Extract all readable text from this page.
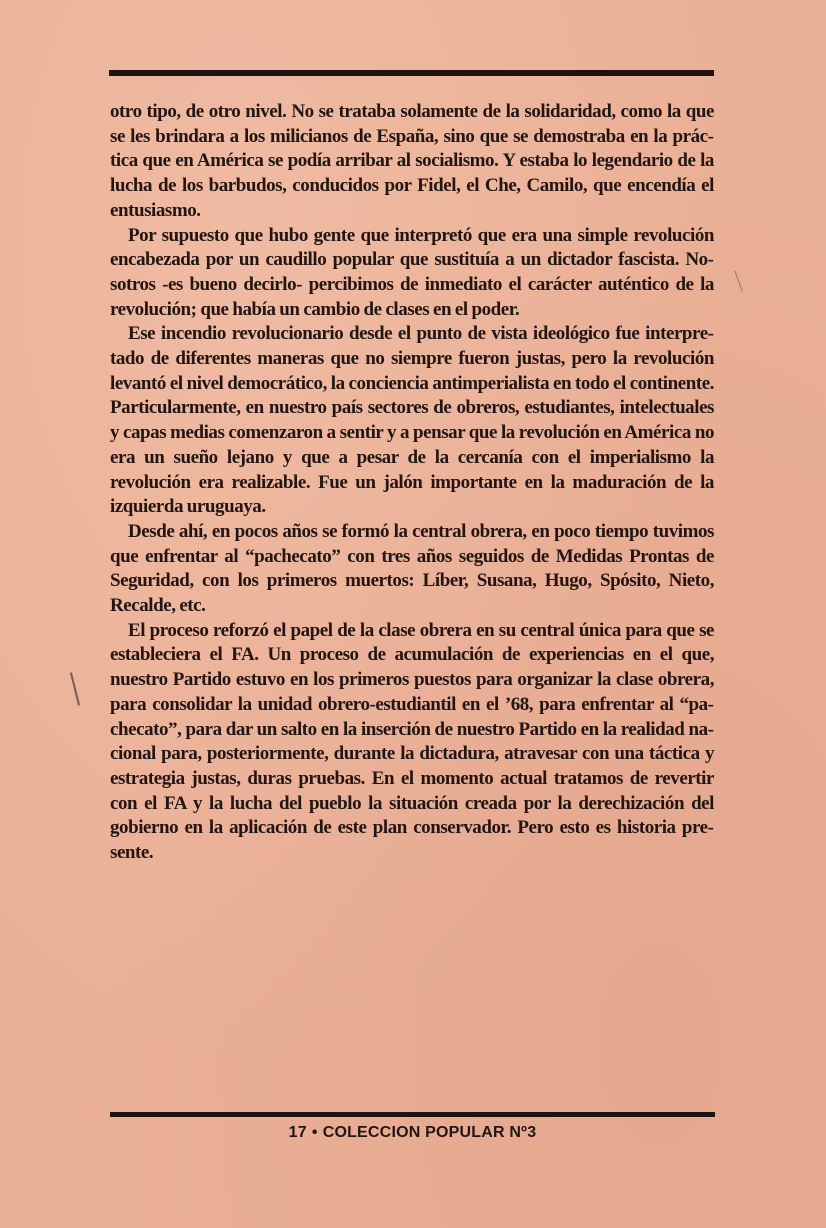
otro tipo, de otro nivel. No se trataba solamente de la solidaridad, como la que se les brindara a los milicianos de España, sino que se demostraba en la práctica que en América se podía arribar al socialismo. Y estaba lo legendario de la lucha de los barbudos, conducidos por Fidel, el Che, Camilo, que encendía el entusiasmo.

Por supuesto que hubo gente que interpretó que era una simple revolución encabezada por un caudillo popular que sustituía a un dictador fascista. Nosotros -es bueno decirlo- percibimos de inmediato el carácter auténtico de la revolución; que había un cambio de clases en el poder.

Ese incendio revolucionario desde el punto de vista ideológico fue interpretado de diferentes maneras que no siempre fueron justas, pero la revolución levantó el nivel democrático, la conciencia antimperialista en todo el continente. Particularmente, en nuestro país sectores de obreros, estudiantes, intelectuales y capas medias comenzaron a sentir y a pensar que la revolución en América no era un sueño lejano y que a pesar de la cercanía con el imperialismo la revolución era realizable. Fue un jalón importante en la maduración de la izquierda uruguaya.

Desde ahí, en pocos años se formó la central obrera, en poco tiempo tuvimos que enfrentar al “pachecato” con tres años seguidos de Medidas Prontas de Seguridad, con los primeros muertos: Líber, Susana, Hugo, Spósito, Nieto, Recalde, etc.

El proceso reforzó el papel de la clase obrera en su central única para que se estableciera el FA. Un proceso de acumulación de experiencias en el que, nuestro Partido estuvo en los primeros puestos para organizar la clase obrera, para consolidar la unidad obrero-estudiantil en el ’68, para enfrentar al “pachecato”, para dar un salto en la inserción de nuestro Partido en la realidad nacional para, posteriormente, durante la dictadura, atravesar con una táctica y estrategia justas, duras pruebas. En el momento actual tratamos de revertir con el FA y la lucha del pueblo la situación creada por la derechización del gobierno en la aplicación de este plan conservador. Pero esto es historia presente.

17 • COLECCION POPULAR Nº3
